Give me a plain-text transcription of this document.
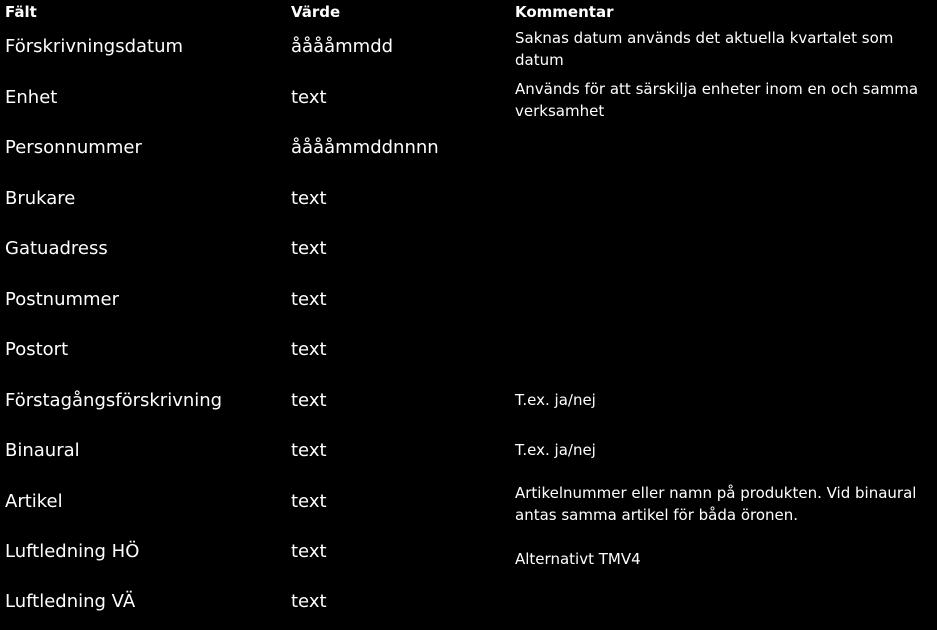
Fält	Värde	Kommentar
Förskrivningsdatum	ååååmmdd	Saknas datum används det aktuella kvartalet som datum
Enhet	text	Används för att särskilja enheter inom en och samma verksamhet
Personnummer	ååååmmddnnnn
Brukare	text
Gatuadress	text
Postnummer	text
Postort	text
Förstagångsförskrivning	text	T.ex. ja/nej
Binaural	text	T.ex. ja/nej
Artikel	text	Artikelnummer eller namn på produkten. Vid binaural antas samma artikel för båda öronen.
Luftledning HÖ	text	Alternativt TMV4
Luftledning VÄ	text
